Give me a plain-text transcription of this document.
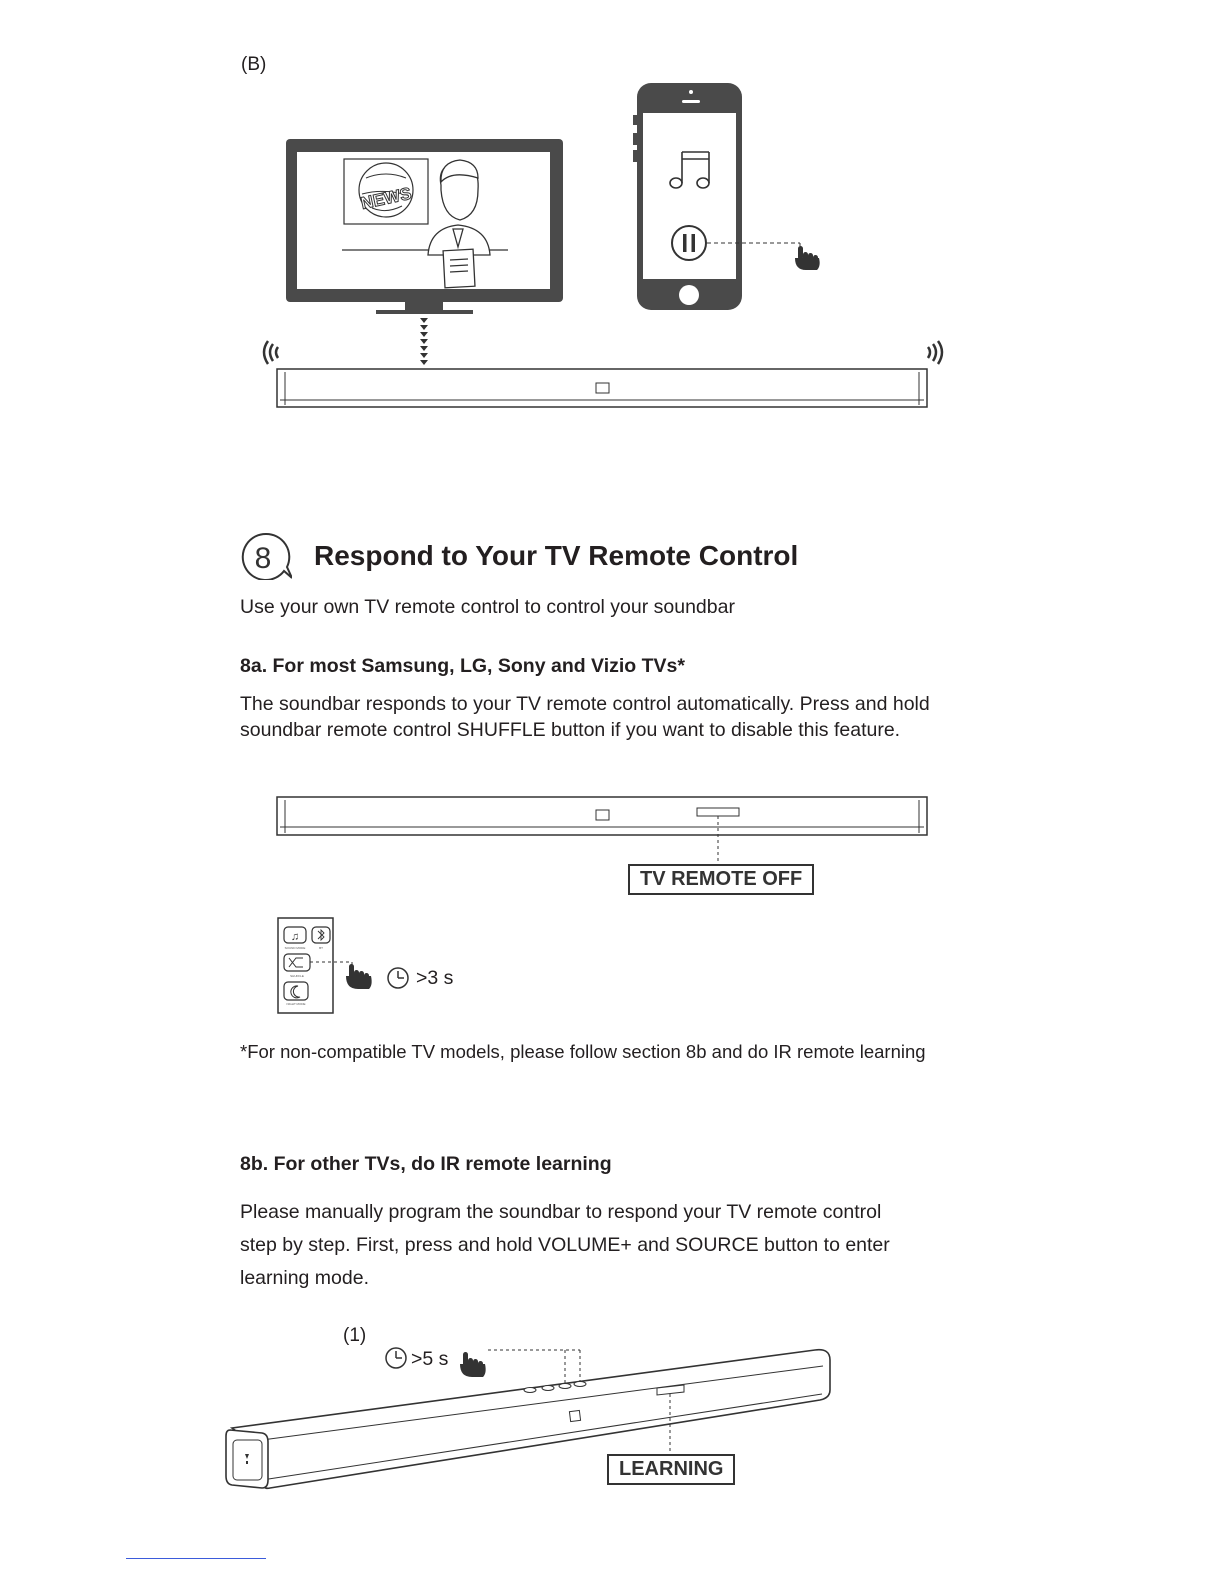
(B)
NEWS
8 Respond to Your TV Remote Control
Use your own TV remote control to control your soundbar
8a. For most Samsung, LG, Sony and Vizio TVs*
The soundbar responds to your TV remote control automatically. Press and hold
soundbar remote control SHUFFLE button if you want to disable this feature.
TV REMOTE OFF
♫
SOUND MODE	BT
SHUFFLE
NIGHT MODE
>3 s
*For non-compatible TV models, please follow section 8b and do IR remote learning
8b. For other TVs, do IR remote learning
Please manually program the soundbar to respond your TV remote control
step by step. First, press and hold VOLUME+ and SOURCE button to enter
learning mode.
(1)
>5 s
LEARNING
